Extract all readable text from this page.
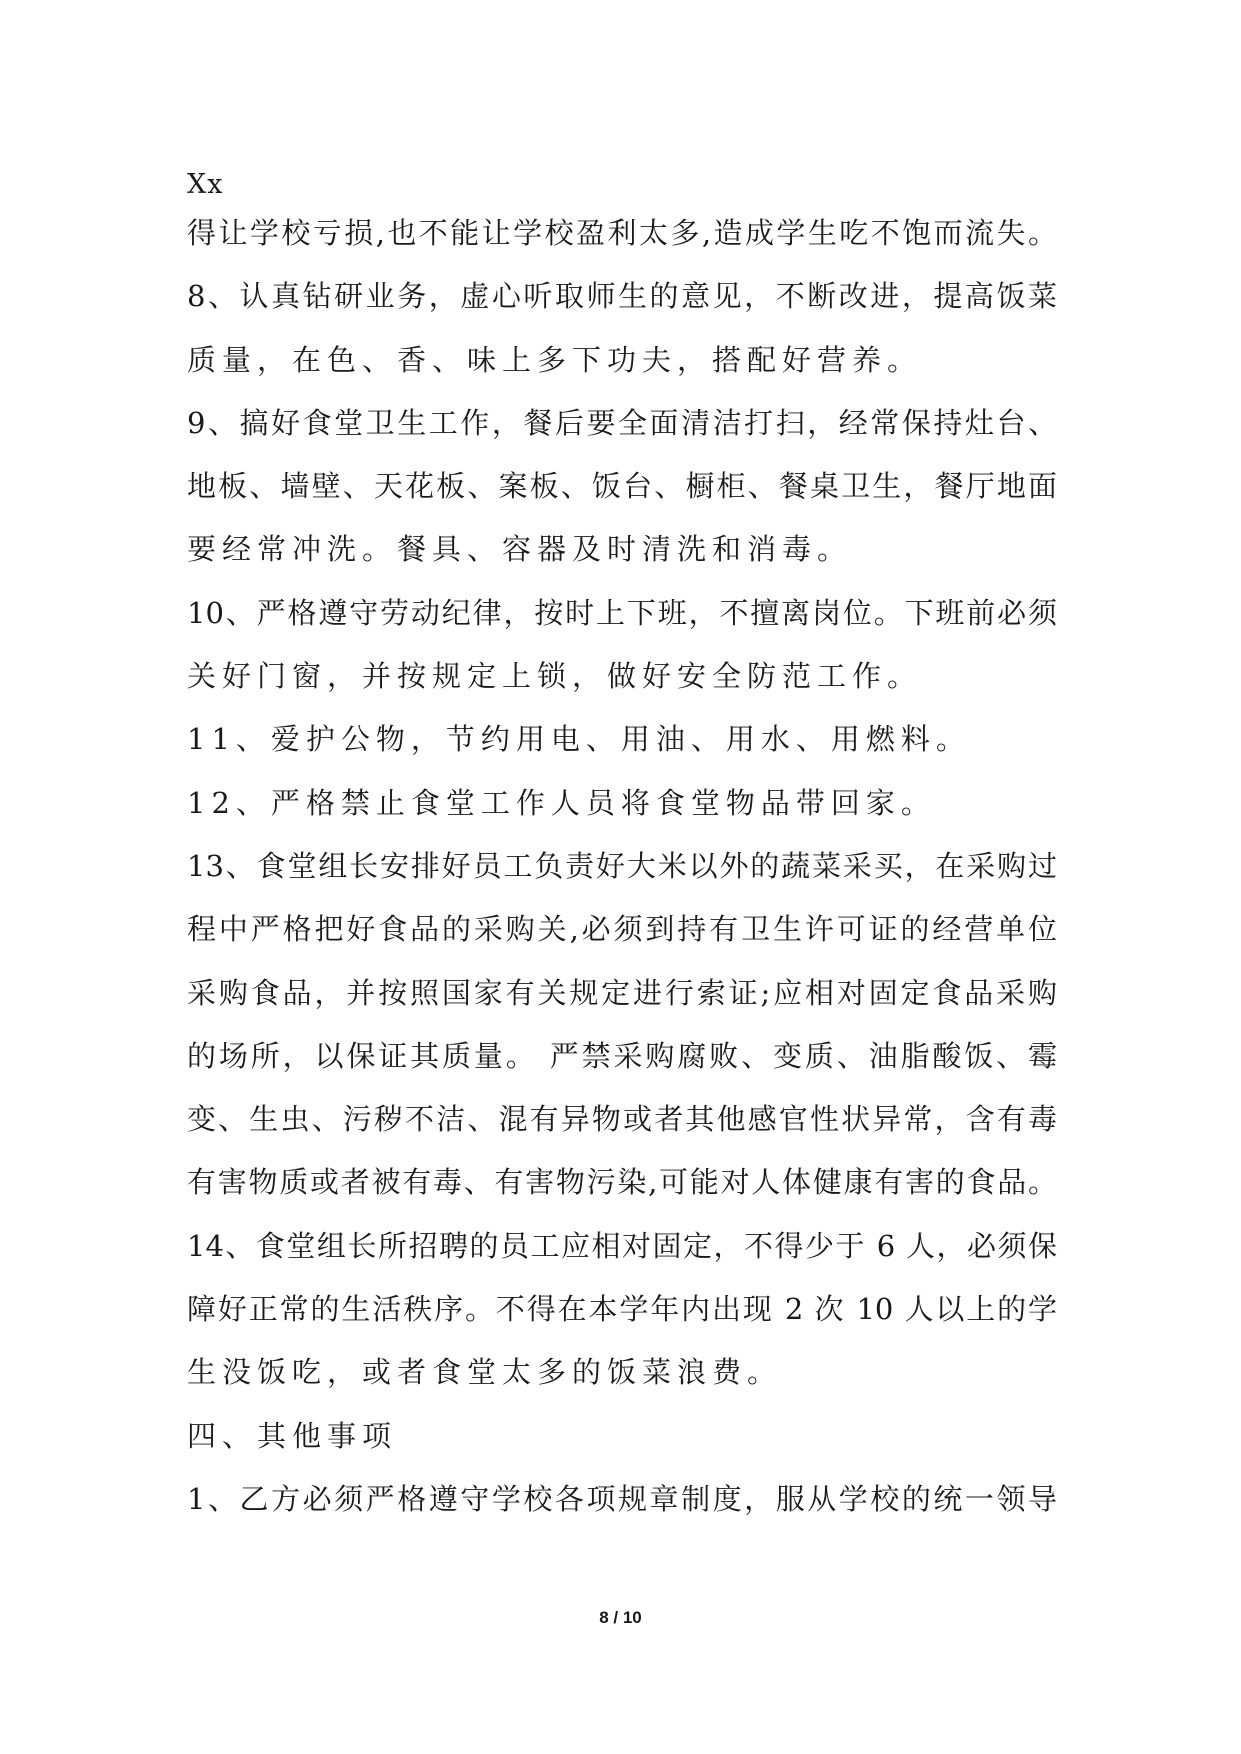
Xx
得让学校亏损,也不能让学校盈利太多,造成学生吃不饱而流失。
8、认真钻研业务，虚心听取师生的意见，不断改进，提高饭菜
质量，在色、香、味上多下功夫，搭配好营养。
9、搞好食堂卫生工作，餐后要全面清洁打扫，经常保持灶台、
地板、墙壁、天花板、案板、饭台、橱柜、餐桌卫生，餐厅地面
要经常冲洗。餐具、容器及时清洗和消毒。
10、严格遵守劳动纪律，按时上下班，不擅离岗位。下班前必须
关好门窗，并按规定上锁，做好安全防范工作。
11、爱护公物，节约用电、用油、用水、用燃料。
12、严格禁止食堂工作人员将食堂物品带回家。
13、食堂组长安排好员工负责好大米以外的蔬菜采买，在采购过
程中严格把好食品的采购关,必须到持有卫生许可证的经营单位
采购食品，并按照国家有关规定进行索证;应相对固定食品采购
的场所，以保证其质量。 严禁采购腐败、变质、油脂酸饭、霉
变、生虫、污秽不洁、混有异物或者其他感官性状异常，含有毒
有害物质或者被有毒、有害物污染,可能对人体健康有害的食品。
14、食堂组长所招聘的员工应相对固定，不得少于 6 人，必须保
障好正常的生活秩序。不得在本学年内出现 2 次 10 人以上的学
生没饭吃，或者食堂太多的饭菜浪费。
四、其他事项
1、乙方必须严格遵守学校各项规章制度，服从学校的统一领导
8 / 10
